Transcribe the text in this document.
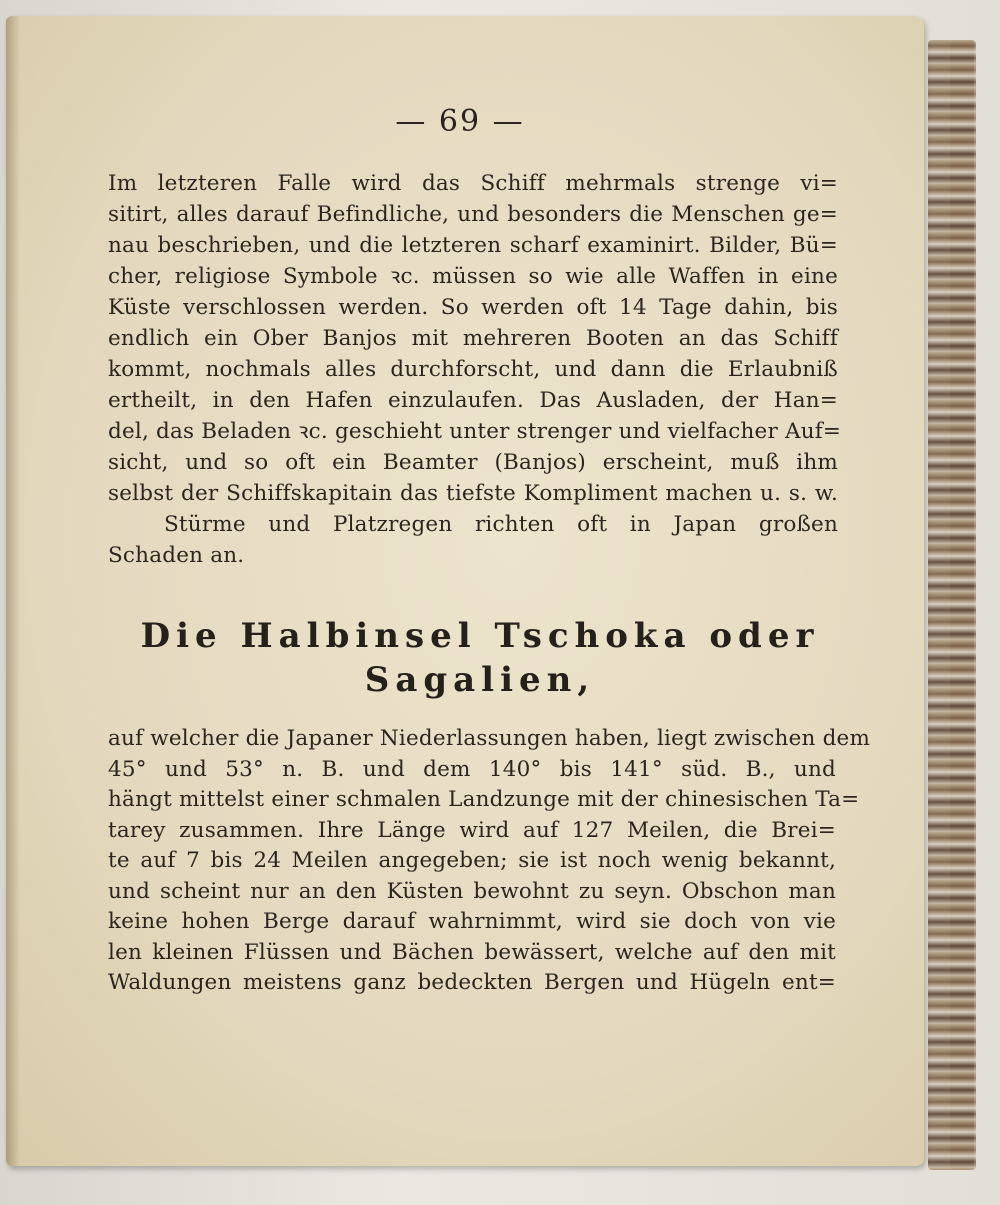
— 69 —
Im letzteren Falle wird das Schiff mehrmals strenge vi=
sitirt, alles darauf Befindliche, und besonders die Menschen ge=
nau beschrieben, und die letzteren scharf examinirt. Bilder, Bü=
cher, religiose Symbole ꝛc. müssen so wie alle Waffen in eine
Küste verschlossen werden. So werden oft 14 Tage dahin, bis
endlich ein Ober Banjos mit mehreren Booten an das Schiff
kommt, nochmals alles durchforscht, und dann die Erlaubniß
ertheilt, in den Hafen einzulaufen. Das Ausladen, der Han=
del, das Beladen ꝛc. geschieht unter strenger und vielfacher Auf=
sicht, und so oft ein Beamter (Banjos) erscheint, muß ihm
selbst der Schiffskapitain das tiefste Kompliment machen u. s. w.
Stürme und Platzregen richten oft in Japan großen
Schaden an.
Die Halbinsel Tschoka oder
Sagalien,
auf welcher die Japaner Niederlassungen haben, liegt zwischen dem
45° und 53° n. B. und dem 140° bis 141° süd. B., und
hängt mittelst einer schmalen Landzunge mit der chinesischen Ta=
tarey zusammen. Ihre Länge wird auf 127 Meilen, die Brei=
te auf 7 bis 24 Meilen angegeben; sie ist noch wenig bekannt,
und scheint nur an den Küsten bewohnt zu seyn. Obschon man
keine hohen Berge darauf wahrnimmt, wird sie doch von vie
len kleinen Flüssen und Bächen bewässert, welche auf den mit
Waldungen meistens ganz bedeckten Bergen und Hügeln ent=
